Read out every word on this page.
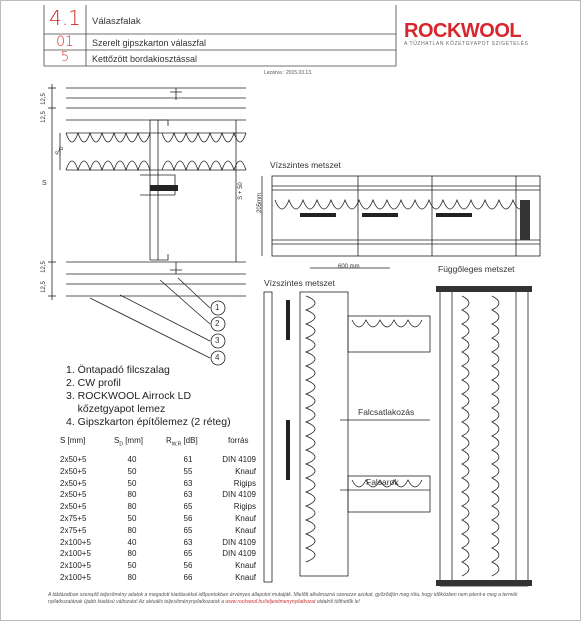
4.1	Válaszfalak
01	Szerelt gipszkarton válaszfal
5	Kettőzött bordakiosztással
ROCKWOOL
A TŰZHATLAN KŐZETGYAPOT SZIGETELÉS
Lezárva : 2015.03.13.
12,5
12,5
$S_D$
S	S + 50
12,5
12,5
1
2
3
4
1. Öntapadó filcszalag
2. CW profil
3. ROCKWOOL Airrock LD
kőzetgyapot lemez
4. Gipszkarton építőlemez (2 réteg)
S [mm]	$S_D$ [mm]	$R_{W,R}$ [dB]	forrás
2x50+5	40	61	DIN 4109
2x50+5	50	55	Knauf
2x50+5	50	63	Rigips
2x50+5	80	63	DIN 4109
2x50+5	80	65	Rigips
2x75+5	50	56	Knauf
2x75+5	80	65	Knauf
2x100+5	40	63	DIN 4109
2x100+5	80	65	DIN 4109
2x100+5	50	56	Knauf
2x100+5	80	66	Knauf
Vízszintes metszet
205mm
600 mm
Vízszintes metszet
Függőleges metszet
Falcsatlakozás
Falsarok
A táblázatban szereplő teljesítmény adatok a megadott kiadásukkal időpontokban érvényes állapotot mutatják. Mielőtt alkalmazná szerezze azokat, győződjön meg róla, hogy időközben nem jelent-e meg a termék nyilatkozatának újabb kiadású változata! Az aktuális teljesítménynyilatkozatok a www.rockwool.hu/teljesitmenynyilatkozat oldalról tölthetők le!
